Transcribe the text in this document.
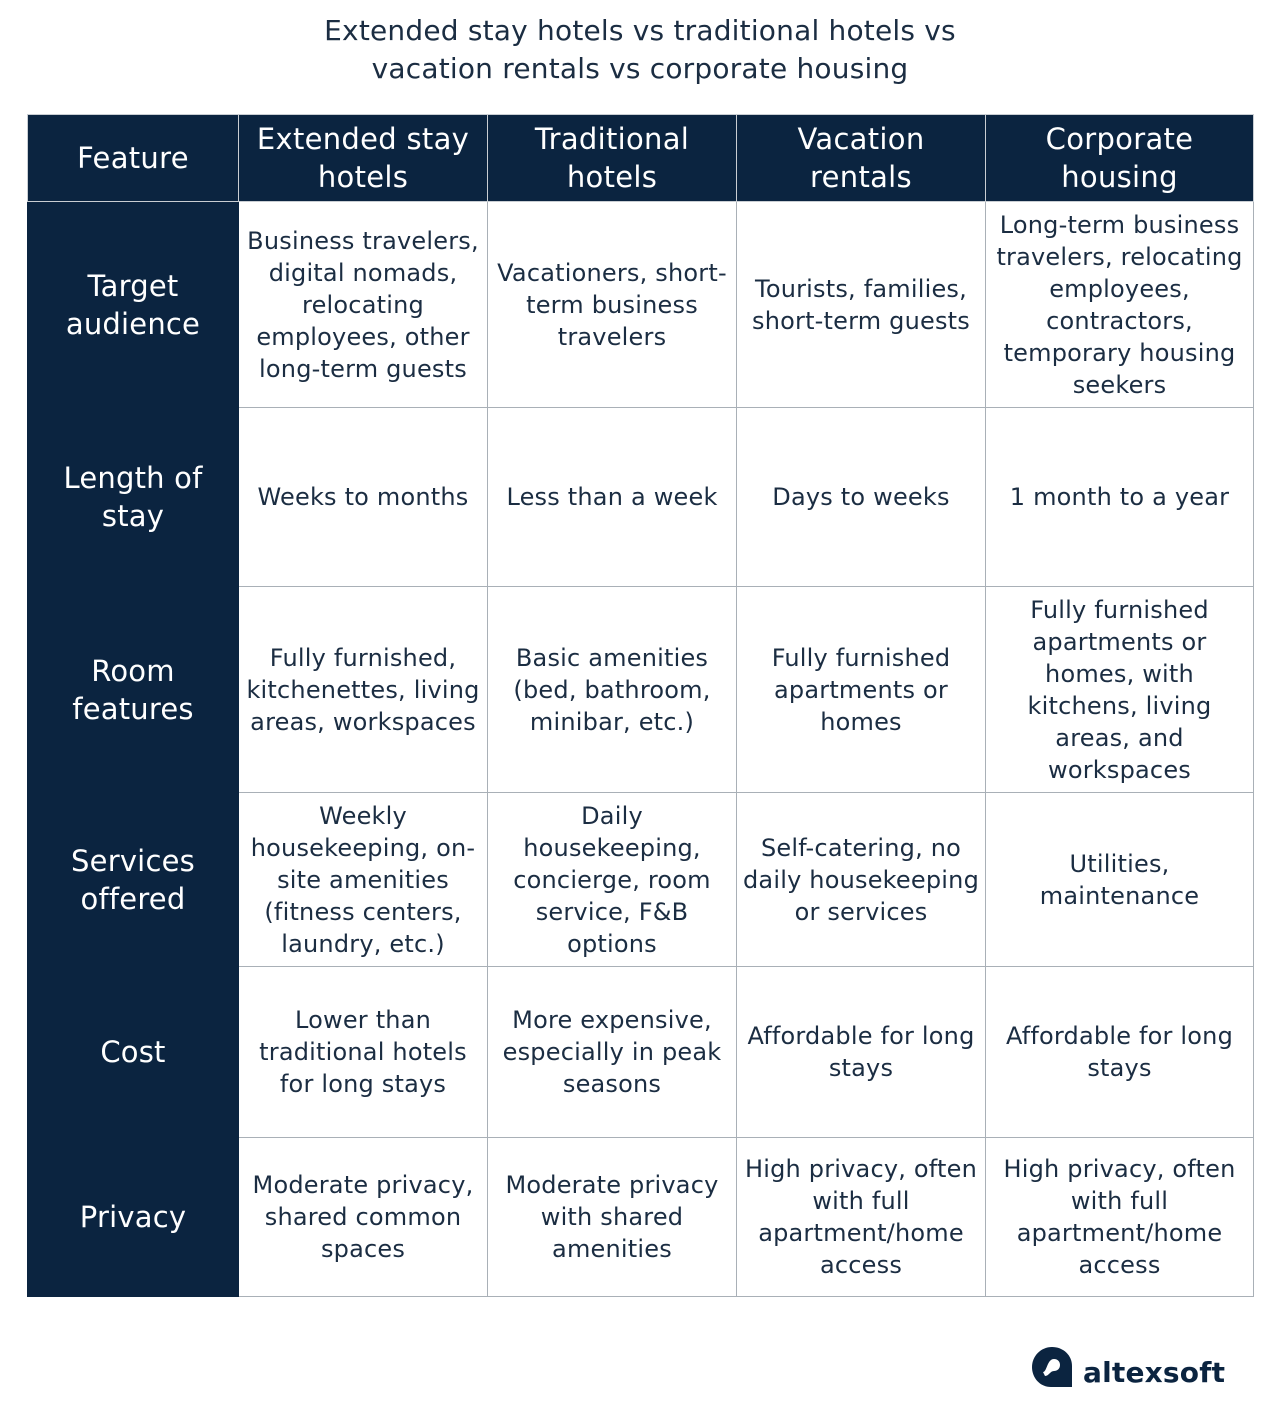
Extended stay hotels vs traditional hotels vs
vacation rentals vs corporate housing
Feature	Extended stay hotels	Traditional hotels	Vacation rentals	Corporate housing
Target audience	Business travelers, digital nomads, relocating employees, other long-term guests	Vacationers, short-term business travelers	Tourists, families, short-term guests	Long-term business travelers, relocating employees, contractors, temporary housing seekers
Length of stay	Weeks to months	Less than a week	Days to weeks	1 month to a year
Room features	Fully furnished, kitchenettes, living areas, workspaces	Basic amenities (bed, bathroom, minibar, etc.)	Fully furnished apartments or homes	Fully furnished apartments or homes, with kitchens, living areas, and workspaces
Services offered	Weekly housekeeping, on-site amenities (fitness centers, laundry, etc.)	Daily housekeeping, concierge, room service, F&B options	Self-catering, no daily housekeeping or services	Utilities, maintenance
Cost	Lower than traditional hotels for long stays	More expensive, especially in peak seasons	Affordable for long stays	Affordable for long stays
Privacy	Moderate privacy, shared common spaces	Moderate privacy with shared amenities	High privacy, often with full apartment/home access	High privacy, often with full apartment/home access
altexsoft
